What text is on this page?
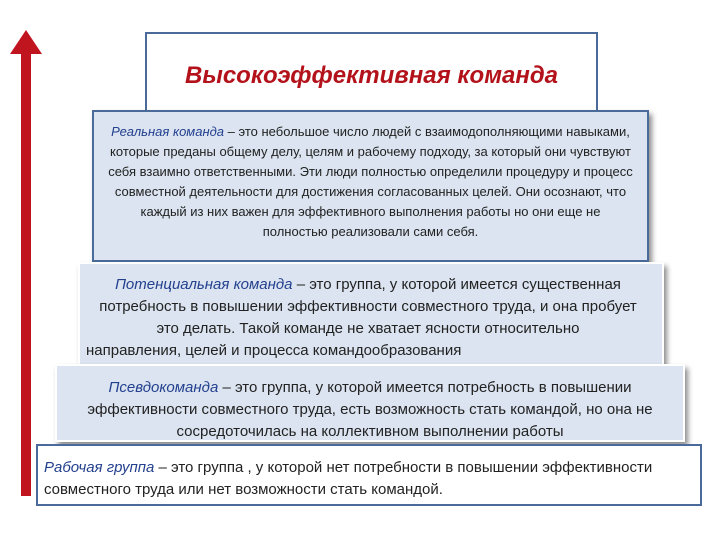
Высокоэффективная команда
Реальная команда – это небольшое число людей с взаимодополняющими навыками, которые преданы общему делу, целям и рабочему подходу, за который они чувствуют себя взаимно ответственными. Эти люди полностью определили процедуру и процесс совместной деятельности для достижения согласованных целей. Они осознают, что каждый из них важен для эффективного выполнения работы но они еще не полностью реализовали сами себя.
Потенциальная команда – это группа, у которой имеется существенная потребность в повышении эффективности совместного труда, и она пробует это делать. Такой команде не хватает ясности относительно
направления, целей и процесса командообразования
Псевдокоманда – это группа, у которой имеется потребность в повышении эффективности совместного труда, есть возможность стать командой, но она не сосредоточилась на коллективном выполнении работы
Рабочая группа – это группа , у которой нет потребности в повышении эффективности совместного труда или нет возможности стать командой.
